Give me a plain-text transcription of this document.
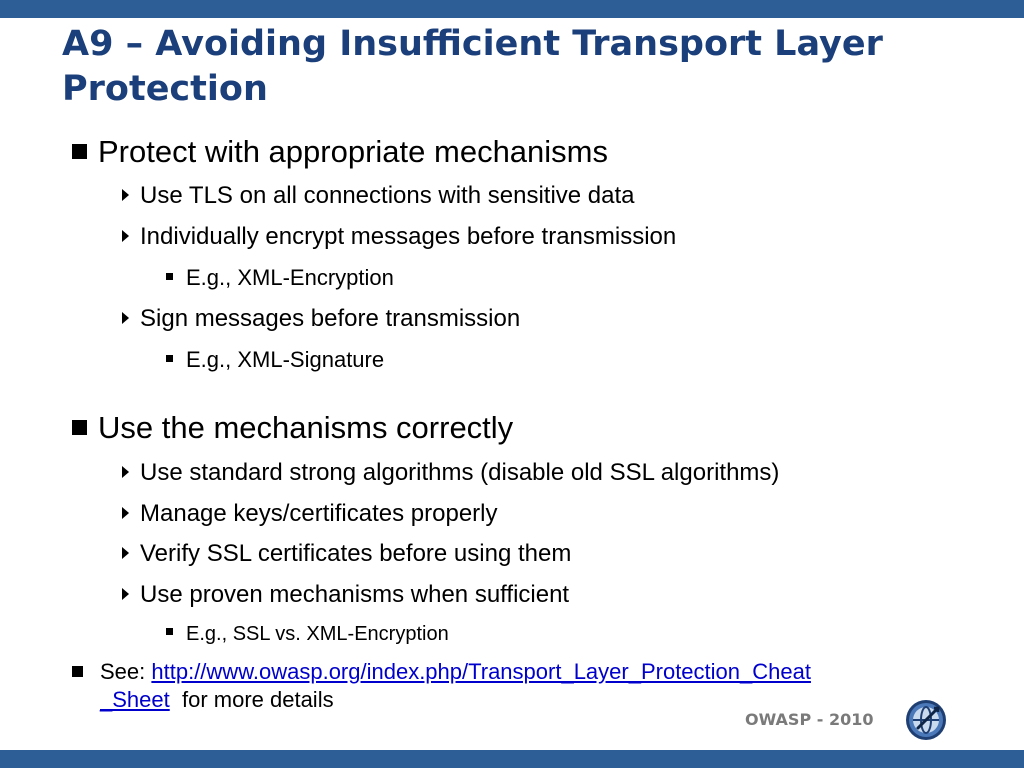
A9 – Avoiding Insufficient Transport Layer Protection
Protect with appropriate mechanisms
Use TLS on all connections with sensitive data
Individually encrypt messages before transmission
E.g., XML-Encryption
Sign messages before transmission
E.g., XML-Signature
Use the mechanisms correctly
Use standard strong algorithms (disable old SSL algorithms)
Manage keys/certificates properly
Verify SSL certificates before using them
Use proven mechanisms when sufficient
E.g., SSL vs. XML-Encryption
See: http://www.owasp.org/index.php/Transport_Layer_Protection_Cheat
_Sheet for more details
OWASP - 2010
